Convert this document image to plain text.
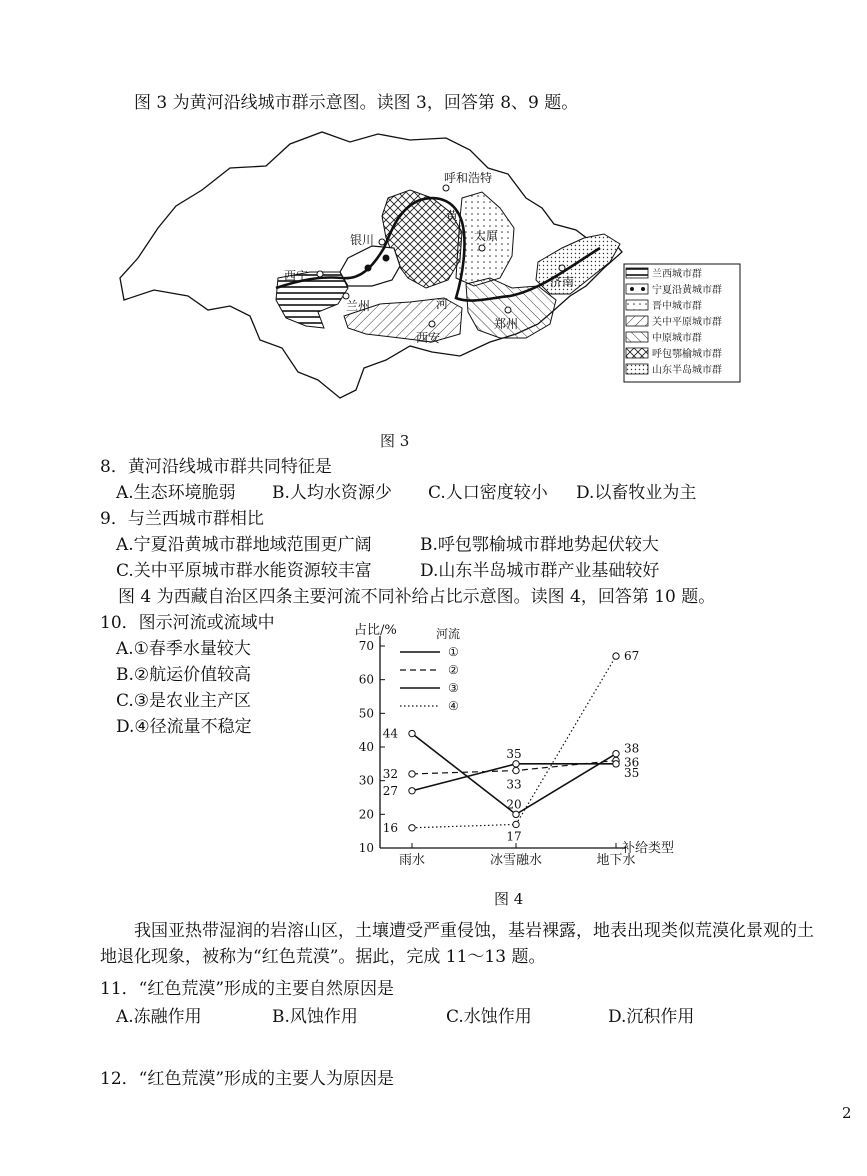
图 3 为黄河沿线城市群示意图。读图 3，回答第 8、9 题。
呼和浩特
银川	太原
西宁
兰州
济南
西安
郑州
黄
河
兰西城市群
宁夏沿黄城市群
晋中城市群
关中平原城市群
中原城市群
呼包鄂榆城市群
山东半岛城市群
图 3
8．黄河沿线城市群共同特征是
A.生态环境脆弱 B.人均水资源少 C.人口密度较小 D.以畜牧业为主
9．与兰西城市群相比
A.宁夏沿黄城市群地域范围更广阔	B.呼包鄂榆城市群地势起伏较大
C.关中平原城市群水能资源较丰富	D.山东半岛城市群产业基础较好
图 4 为西藏自治区四条主要河流不同补给占比示意图。读图 4，回答第 10 题。
10．图示河流或流域中
A.①春季水量较大
B.②航运价值较高
C.③是农业主产区
D.④径流量不稳定
占比/%
补给类型
河流
10
20
30
40
50
60
70
雨水	冰雪融水	地下水
44
32
27
16
35
33
20
17
67
38
36
35
①
②
③
④
图 4
我国亚热带湿润的岩溶山区，土壤遭受严重侵蚀，基岩裸露，地表出现类似荒漠化景观的土
地退化现象，被称为“红色荒漠”。据此，完成 11～13 题。
11．“红色荒漠”形成的主要自然原因是
A.冻融作用	B.风蚀作用	C.水蚀作用	D.沉积作用
12．“红色荒漠”形成的主要人为原因是
2
